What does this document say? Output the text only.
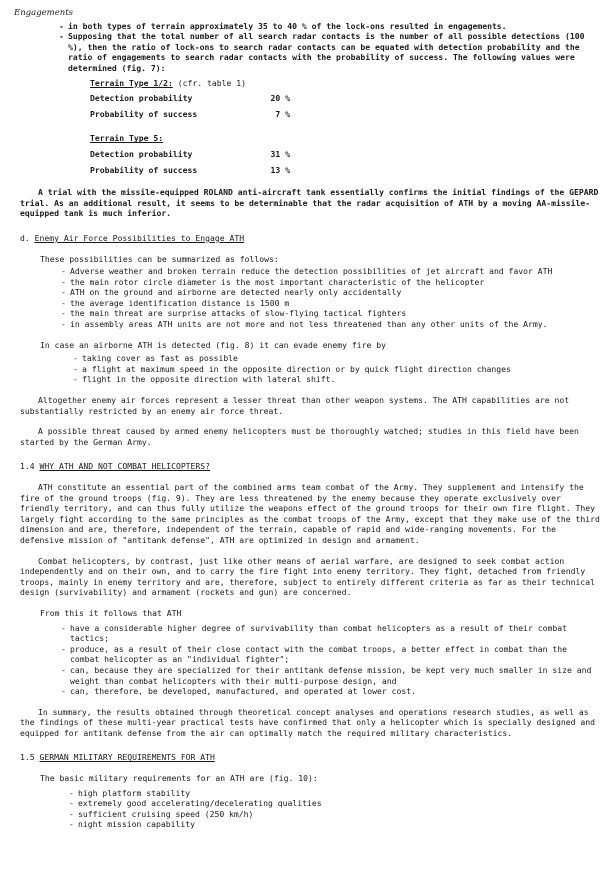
Engagements
- in both types of terrain approximately 35 to 40 % of the lock-ons resulted in engagements.
- Supposing that the total number of all search radar contacts is the number of all possible detections (100 %), then the ratio of lock-ons to search radar contacts can be equated with detection probability and the ratio of engagements to search radar contacts with the probability of success. The following values were determined (fig. 7):
Terrain Type 1/2: (cfr. table 1)
Detection probability	20 %
Probability of success	7 %
Terrain Type 5:
Detection probability	31 %
Probability of success	13 %

A trial with the missile-equipped ROLAND anti-aircraft tank essentially confirms the initial findings of the GEPARD trial. As an additional result, it seems to be determinable that the radar acquisition of ATH by a moving AA-missile-equipped tank is much inferior.

d. Enemy Air Force Possibilities to Engage ATH

These possibilities can be summarized as follows:

- Adverse weather and broken terrain reduce the detection possibilities of jet aircraft and favor ATH
- the main rotor circle diameter is the most important characteristic of the helicopter
- ATH on the ground and airborne are detected nearly only accidentally
- the average identification distance is 1500 m
- the main threat are surprise attacks of slow-flying tactical fighters
- in assembly areas ATH units are not more and not less threatened than any other units of the Army.

In case an airborne ATH is detected (fig. 8) it can evade enemy fire by

- taking cover as fast as possible
- a flight at maximum speed in the opposite direction or by quick flight direction changes
- flight in the opposite direction with lateral shift.

Altogether enemy air forces represent a lesser threat than other weapon systems. The ATH capabilities are not substantially restricted by an enemy air force threat.

A possible threat caused by armed enemy helicopters must be thoroughly watched; studies in this field have been started by the German Army.

1.4 WHY ATH AND NOT COMBAT HELICOPTERS?

ATH constitute an essential part of the combined arms team combat of the Army. They supplement and intensify the fire of the ground troops (fig. 9). They are less threatened by the enemy because they operate exclusively over friendly territory, and can thus fully utilize the weapons effect of the ground troops for their own fire flight. They largely fight according to the same principles as the combat troops of the Army, except that they make use of the third dimension and are, therefore, independent of the terrain, capable of rapid and wide-ranging movements. For the defensive mission of "antitank defense", ATH are optimized in design and armament.

Combat helicopters, by contrast, just like other means of aerial warfare, are designed to seek combat action independently and on their own, and to carry the fire fight into enemy territory. They fight, detached from friendly troops, mainly in enemy territory and are, therefore, subject to entirely different criteria as far as their technical design (survivability) and armament (rockets and gun) are concerned.

From this it follows that ATH

- have a considerable higher degree of survivability than combat helicopters as a result of their combat tactics;
- produce, as a result of their close contact with the combat troops, a better effect in combat than the combat helicopter as an "individual fighter";
- can, because they are specialized for their antitank defense mission, be kept very much smaller in size and weight than combat helicopters with their multi-purpose design, and
- can, therefore, be developed, manufactured, and operated at lower cost.

In summary, the results obtained through theoretical concept analyses and operations research studies, as well as the findings of these multi-year practical tests have confirmed that only a helicopter which is specially designed and equipped for antitank defense from the air can optimally match the required military characteristics.

1.5 GERMAN MILITARY REQUIREMENTS FOR ATH

The basic military requirements for an ATH are (fig. 10):

- high platform stability
- extremely good accelerating/decelerating qualities
- sufficient cruising speed (250 km/h)
- night mission capability
